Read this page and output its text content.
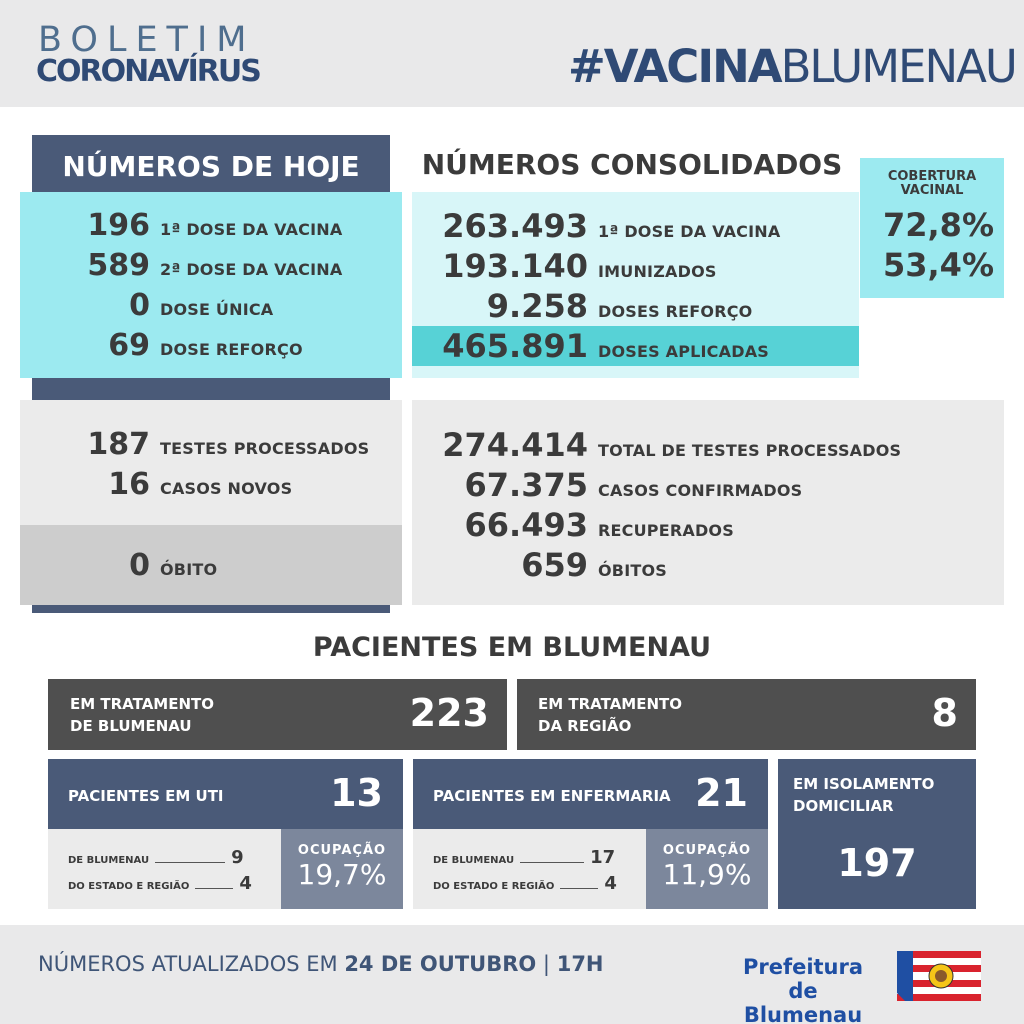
BOLETIM
CORONAVÍRUS	#VACINABLUMENAU
NÚMEROS DE HOJE
196 1ª DOSE DA VACINA
589 2ª DOSE DA VACINA
0 DOSE ÚNICA
69 DOSE REFORÇO
187 TESTES PROCESSADOS
16 CASOS NOVOS
0 ÓBITO
NÚMEROS CONSOLIDADOS
263.493 1ª DOSE DA VACINA
193.140 IMUNIZADOS
9.258 DOSES REFORÇO
465.891 DOSES APLICADAS
COBERTURA
VACINAL
72,8%
53,4%
274.414 TOTAL DE TESTES PROCESSADOS
67.375 CASOS CONFIRMADOS
66.493 RECUPERADOS
659 ÓBITOS
PACIENTES EM BLUMENAU
EM TRATAMENTO
DE BLUMENAU	223	EM TRATAMENTO
DA REGIÃO	8
PACIENTES EM UTI	13
DE BLUMENAU	9
DO ESTADO E REGIÃO	4
OCUPAÇÃO
19,7%
PACIENTES EM ENFERMARIA 21
DE BLUMENAU	17
DO ESTADO E REGIÃO	4
OCUPAÇÃO
11,9%
EM ISOLAMENTO
DOMICILIAR
197
NÚMEROS ATUALIZADOS EM 24 DE OUTUBRO | 17H	Prefeitura
de Blumenau
